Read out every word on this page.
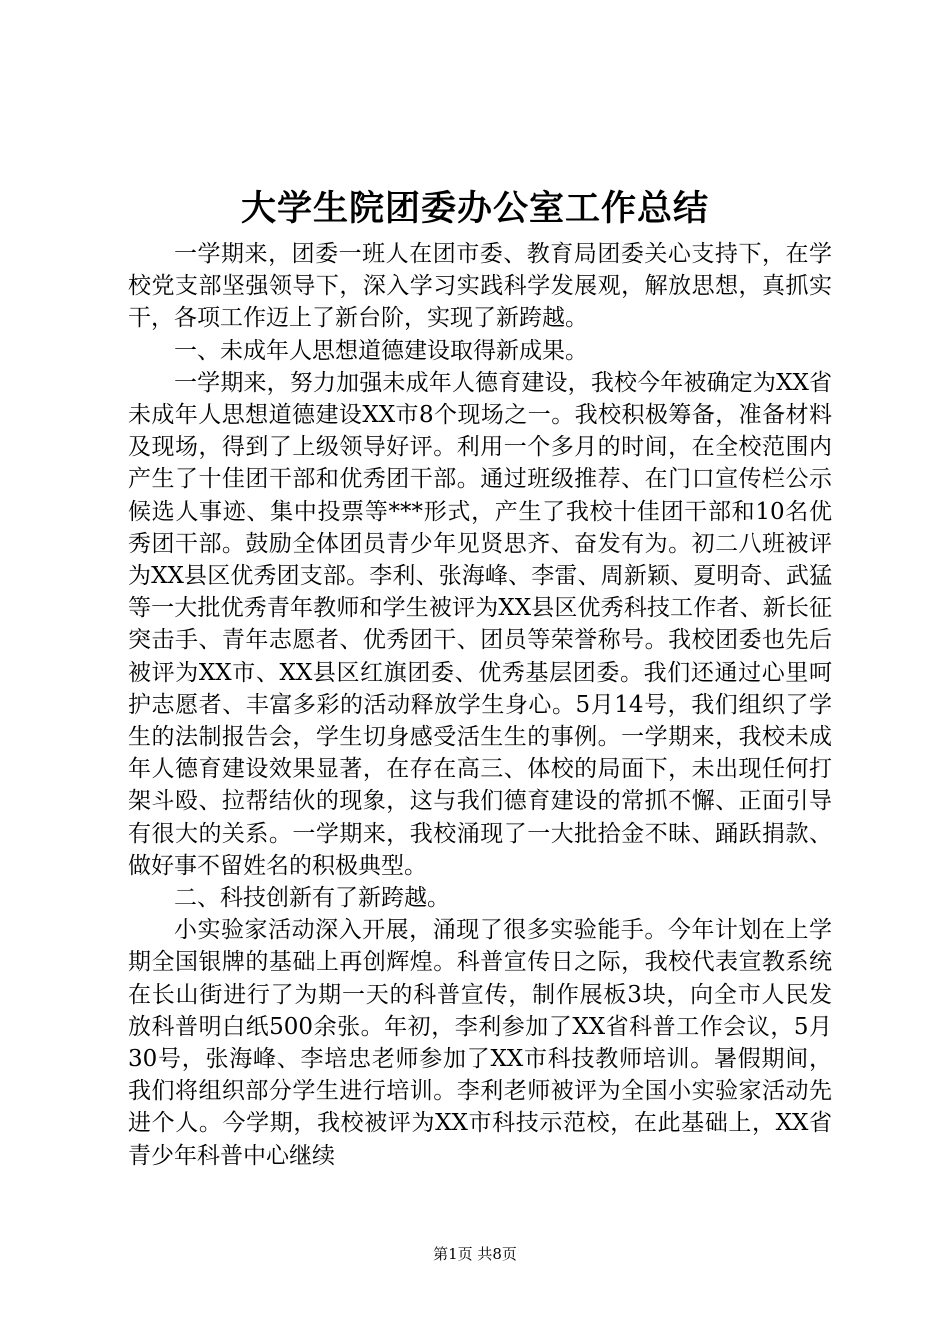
大学生院团委办公室工作总结

一学期来，团委一班人在团市委、教育局团委关心支持下，在学校党支部坚强领导下，深入学习实践科学发展观，解放思想，真抓实干，各项工作迈上了新台阶，实现了新跨越。

一、未成年人思想道德建设取得新成果。

一学期来，努力加强未成年人德育建设，我校今年被确定为XX省未成年人思想道德建设XX市8个现场之一。我校积极筹备，准备材料及现场，得到了上级领导好评。利用一个多月的时间，在全校范围内产生了十佳团干部和优秀团干部。通过班级推荐、在门口宣传栏公示候选人事迹、集中投票等***形式，产生了我校十佳团干部和10名优秀团干部。鼓励全体团员青少年见贤思齐、奋发有为。初二八班被评为XX县区优秀团支部。李利、张海峰、李雷、周新颖、夏明奇、武猛等一大批优秀青年教师和学生被评为XX县区优秀科技工作者、新长征突击手、青年志愿者、优秀团干、团员等荣誉称号。我校团委也先后被评为XX市、XX县区红旗团委、优秀基层团委。我们还通过心里呵护志愿者、丰富多彩的活动释放学生身心。5月14号，我们组织了学生的法制报告会，学生切身感受活生生的事例。一学期来，我校未成年人德育建设效果显著，在存在高三、体校的局面下，未出现任何打架斗殴、拉帮结伙的现象，这与我们德育建设的常抓不懈、正面引导有很大的关系。一学期来，我校涌现了一大批拾金不昧、踊跃捐款、做好事不留姓名的积极典型。

二、科技创新有了新跨越。

小实验家活动深入开展，涌现了很多实验能手。今年计划在上学期全国银牌的基础上再创辉煌。科普宣传日之际，我校代表宣教系统在长山街进行了为期一天的科普宣传，制作展板3块，向全市人民发放科普明白纸500余张。年初，李利参加了XX省科普工作会议，5月30号，张海峰、李培忠老师参加了XX市科技教师培训。暑假期间，我们将组织部分学生进行培训。李利老师被评为全国小实验家活动先进个人。今学期，我校被评为XX市科技示范校，在此基础上，XX省青少年科普中心继续

第1页 共8页
